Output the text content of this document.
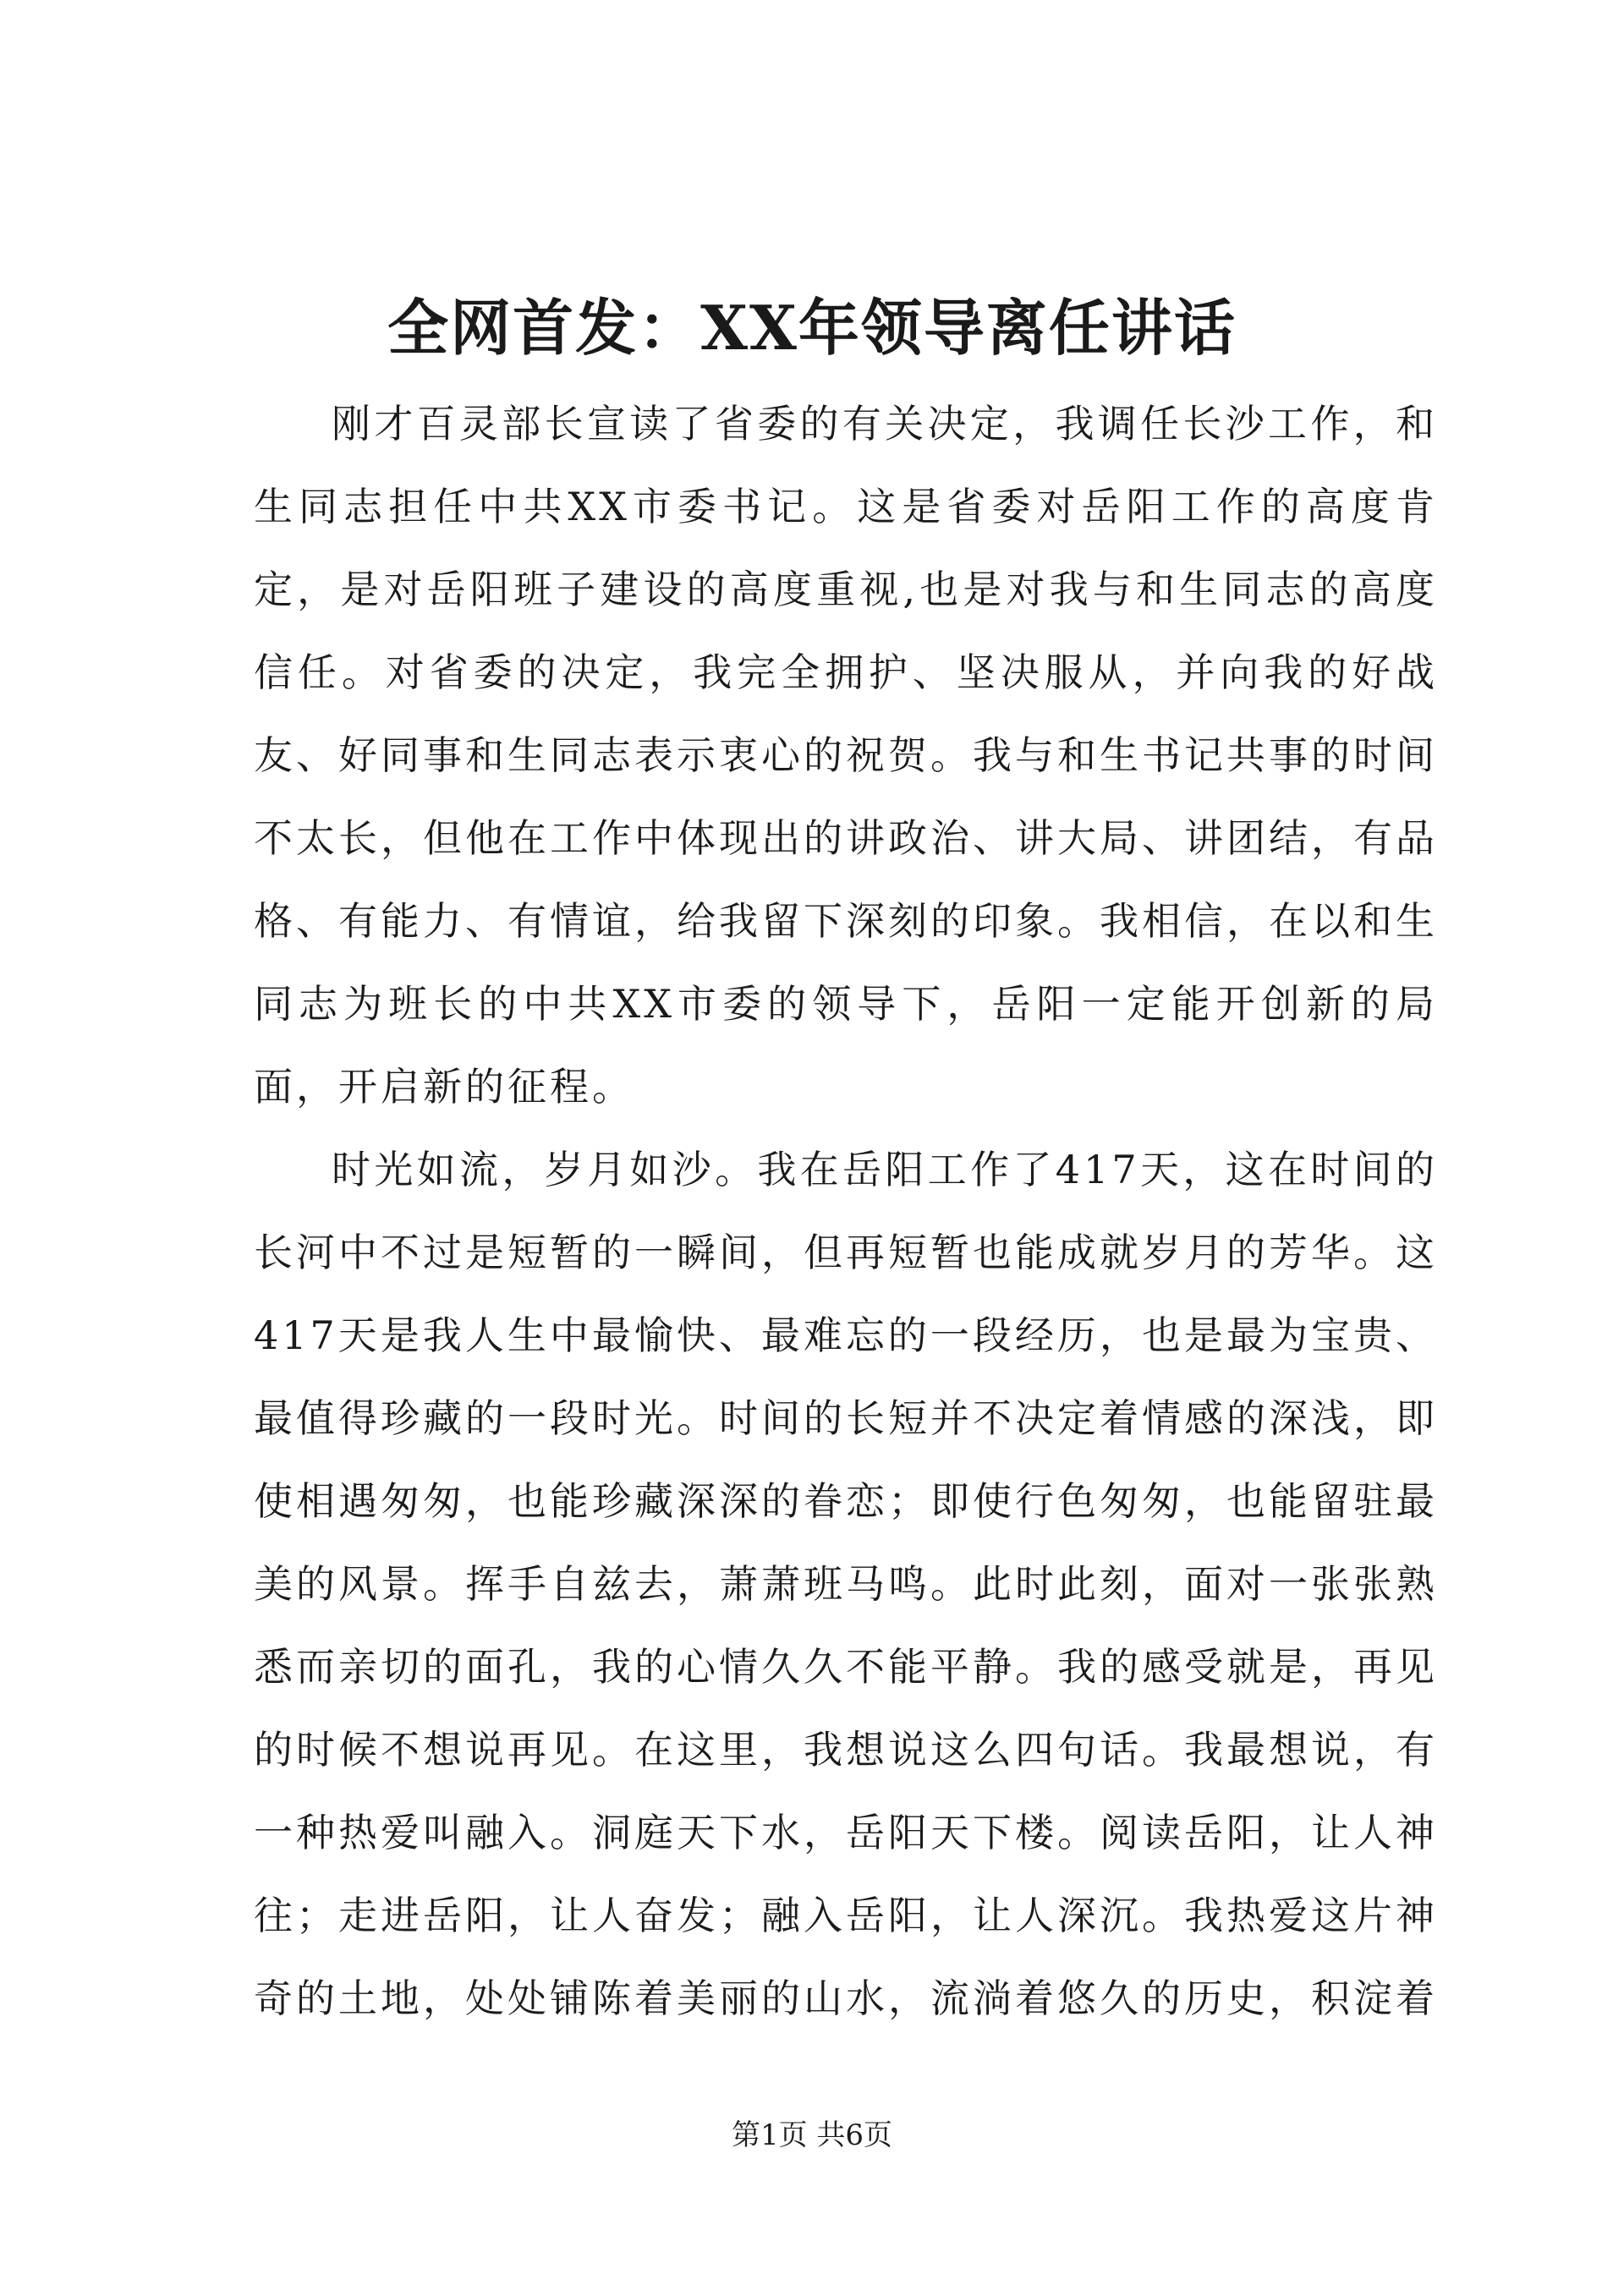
全网首发：XX年领导离任讲话

刚才百灵部长宣读了省委的有关决定，我调任长沙工作，和生同志担任中共XX市委书记。这是省委对岳阳工作的高度肯定，是对岳阳班子建设的高度重视,也是对我与和生同志的高度信任。对省委的决定，我完全拥护、坚决服从，并向我的好战友、好同事和生同志表示衷心的祝贺。我与和生书记共事的时间不太长，但他在工作中体现出的讲政治、讲大局、讲团结，有品格、有能力、有情谊，给我留下深刻的印象。我相信，在以和生同志为班长的中共XX市委的领导下，岳阳一定能开创新的局面，开启新的征程。

时光如流，岁月如沙。我在岳阳工作了417天，这在时间的长河中不过是短暂的一瞬间，但再短暂也能成就岁月的芳华。这417天是我人生中最愉快、最难忘的一段经历，也是最为宝贵、最值得珍藏的一段时光。时间的长短并不决定着情感的深浅，即使相遇匆匆，也能珍藏深深的眷恋；即使行色匆匆，也能留驻最美的风景。挥手自兹去，萧萧班马鸣。此时此刻，面对一张张熟悉而亲切的面孔，我的心情久久不能平静。我的感受就是，再见的时候不想说再见。在这里，我想说这么四句话。我最想说，有一种热爱叫融入。洞庭天下水，岳阳天下楼。阅读岳阳，让人神往；走进岳阳，让人奋发；融入岳阳，让人深沉。我热爱这片神奇的土地，处处铺陈着美丽的山水，流淌着悠久的历史，积淀着

第1页 共6页
